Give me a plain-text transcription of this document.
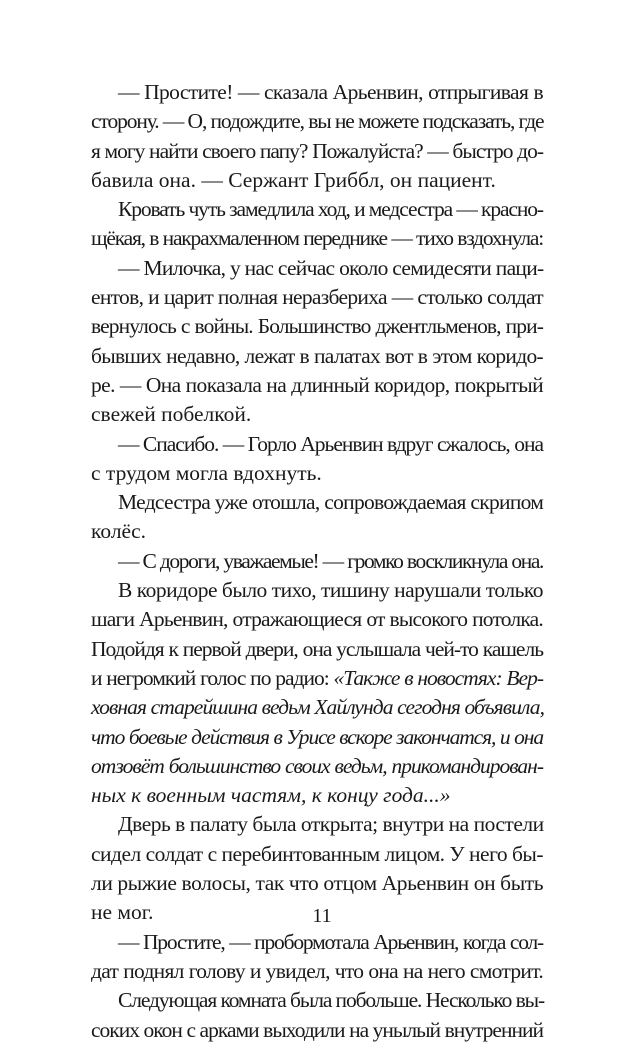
— Простите! — сказала Арьенвин, отпрыгивая в
сторону. — О, подождите, вы не можете подсказать, где
я могу найти своего папу? Пожалуйста? — быстро до-
бавила она. — Сержант Гриббл, он пациент.
Кровать чуть замедлила ход, и медсестра — красно-
щёкая, в накрахмаленном переднике — тихо вздохнула:
— Милочка, у нас сейчас около семидесяти паци-
ентов, и царит полная неразбериха — столько солдат
вернулось с войны. Большинство джентльменов, при-
бывших недавно, лежат в палатах вот в этом коридо-
ре. — Она показала на длинный коридор, покрытый
свежей побелкой.
— Спасибо. — Горло Арьенвин вдруг сжалось, она
с трудом могла вдохнуть.
Медсестра уже отошла, сопровождаемая скрипом
колёс.
— С дороги, уважаемые! — громко воскликнула она.
В коридоре было тихо, тишину нарушали только
шаги Арьенвин, отражающиеся от высокого потолка.
Подойдя к первой двери, она услышала чей-то кашель
и негромкий голос по радио: «Также в новостях: Вер-
ховная старейшина ведьм Хайлунда сегодня объявила,
что боевые действия в Урисе вскоре закончатся, и она
отзовёт большинство своих ведьм, прикомандирован-
ных к военным частям, к концу года...»
Дверь в палату была открыта; внутри на постели
сидел солдат с перебинтованным лицом. У него бы-
ли рыжие волосы, так что отцом Арьенвин он быть
не мог.
— Простите, — пробормотала Арьенвин, когда сол-
дат поднял голову и увидел, что она на него смотрит.
Следующая комната была побольше. Несколько вы-
соких окон с арками выходили на унылый внутренний
11
